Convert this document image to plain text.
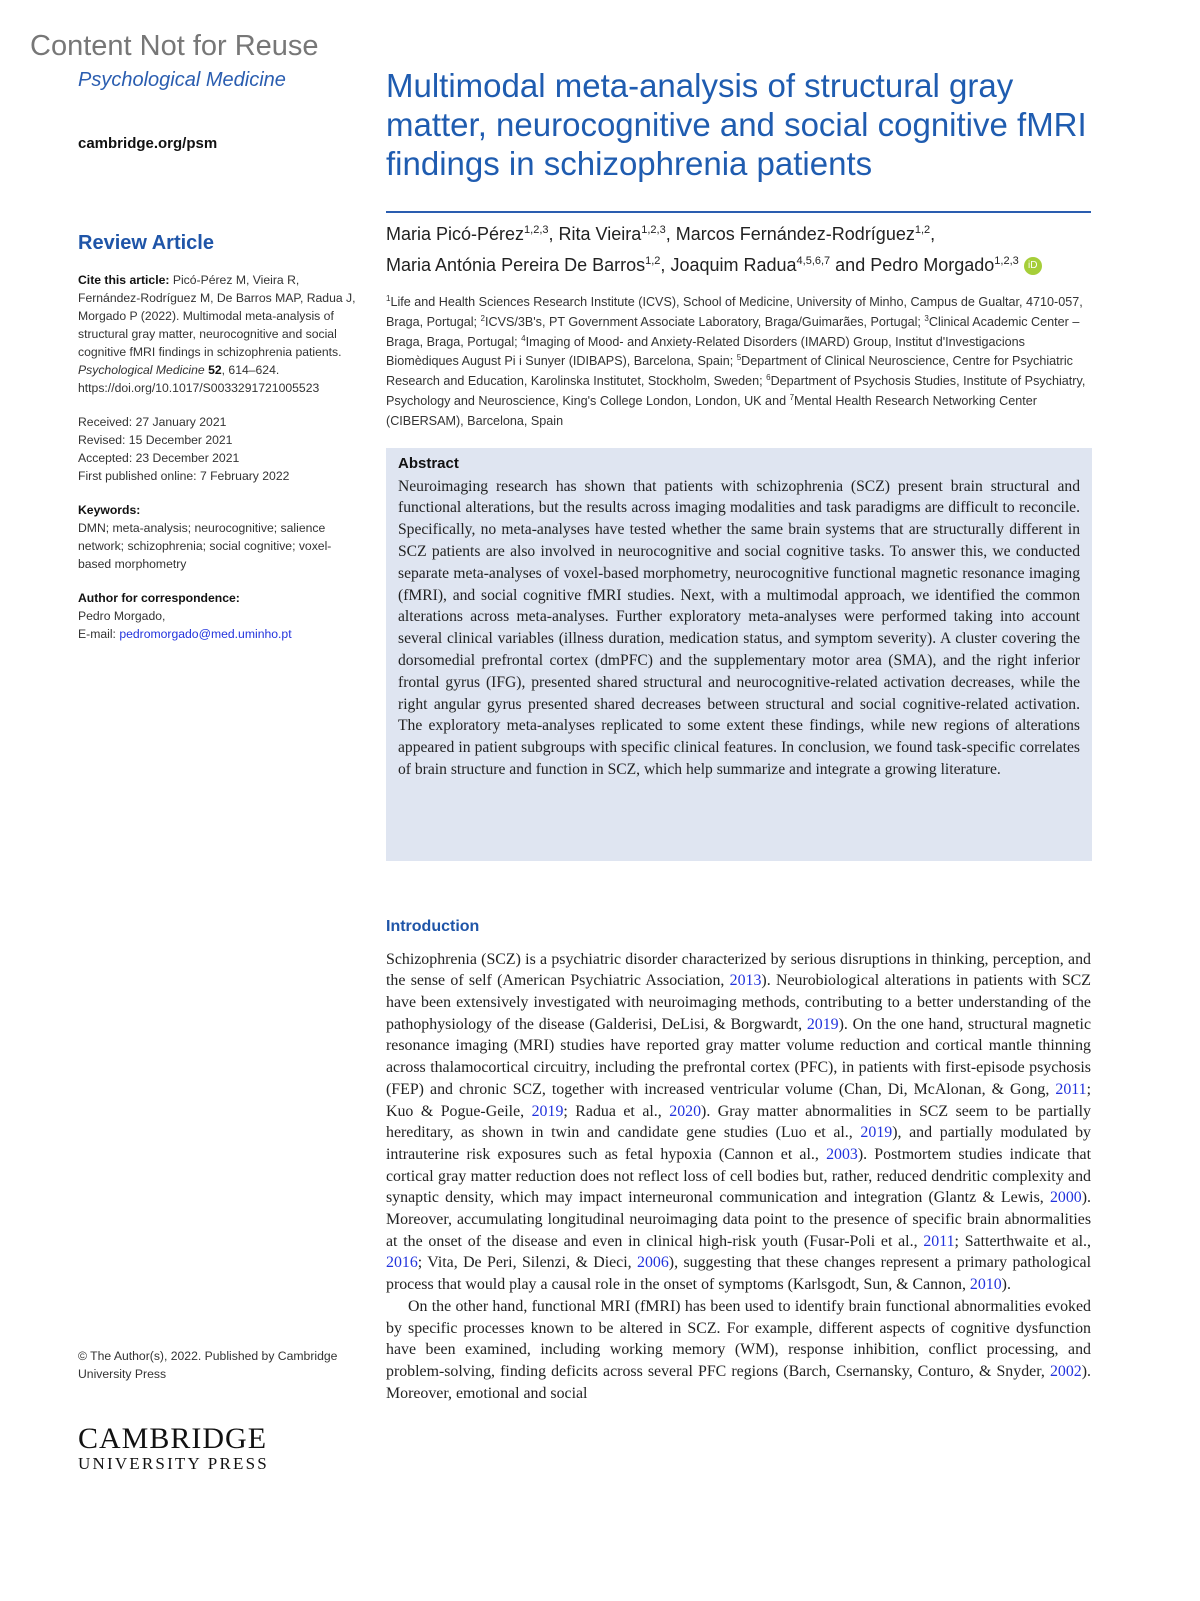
Content Not for Reuse
Psychological Medicine
cambridge.org/psm
Review Article
Cite this article: Picó-Pérez M, Vieira R, Fernández-Rodríguez M, De Barros MAP, Radua J, Morgado P (2022). Multimodal meta-analysis of structural gray matter, neurocognitive and social cognitive fMRI findings in schizophrenia patients. Psychological Medicine 52, 614–624. https://doi.org/10.1017/S0033291721005523
Received: 27 January 2021
Revised: 15 December 2021
Accepted: 23 December 2021
First published online: 7 February 2022
Keywords:
DMN; meta-analysis; neurocognitive; salience network; schizophrenia; social cognitive; voxel-based morphometry
Author for correspondence:
Pedro Morgado,
E-mail: pedromorgado@med.uminho.pt
Multimodal meta-analysis of structural gray matter, neurocognitive and social cognitive fMRI findings in schizophrenia patients
Maria Picó-Pérez$^{1,2,3}$, Rita Vieira$^{1,2,3}$, Marcos Fernández-Rodríguez$^{1,2}$,
Maria Antónia Pereira De Barros$^{1,2}$, Joaquim Radua$^{4,5,6,7}$ and Pedro Morgado$^{1,2,3}$ iD
$^1$Life and Health Sciences Research Institute (ICVS), School of Medicine, University of Minho, Campus de Gualtar, 4710-057, Braga, Portugal; $^2$ICVS/3B's, PT Government Associate Laboratory, Braga/Guimarães, Portugal; $^3$Clinical Academic Center – Braga, Braga, Portugal; $^4$Imaging of Mood- and Anxiety-Related Disorders (IMARD) Group, Institut d'Investigacions Biomèdiques August Pi i Sunyer (IDIBAPS), Barcelona, Spain; $^5$Department of Clinical Neuroscience, Centre for Psychiatric Research and Education, Karolinska Institutet, Stockholm, Sweden; $^6$Department of Psychosis Studies, Institute of Psychiatry, Psychology and Neuroscience, King's College London, London, UK and $^7$Mental Health Research Networking Center (CIBERSAM), Barcelona, Spain
Abstract
Neuroimaging research has shown that patients with schizophrenia (SCZ) present brain structural and functional alterations, but the results across imaging modalities and task paradigms are difficult to reconcile. Specifically, no meta-analyses have tested whether the same brain systems that are structurally different in SCZ patients are also involved in neurocognitive and social cognitive tasks. To answer this, we conducted separate meta-analyses of voxel-based morphometry, neurocognitive functional magnetic resonance imaging (fMRI), and social cognitive fMRI studies. Next, with a multimodal approach, we identified the common alterations across meta-analyses. Further exploratory meta-analyses were performed taking into account several clinical variables (illness duration, medication status, and symptom severity). A cluster covering the dorsomedial prefrontal cortex (dmPFC) and the supplementary motor area (SMA), and the right inferior frontal gyrus (IFG), presented shared structural and neurocognitive-related activation decreases, while the right angular gyrus presented shared decreases between structural and social cognitive-related activation. The exploratory meta-analyses replicated to some extent these findings, while new regions of alterations appeared in patient subgroups with specific clinical features. In conclusion, we found task-specific correlates of brain structure and function in SCZ, which help summarize and integrate a growing literature.
Introduction

Schizophrenia (SCZ) is a psychiatric disorder characterized by serious disruptions in thinking, perception, and the sense of self (American Psychiatric Association, 2013). Neurobiological alterations in patients with SCZ have been extensively investigated with neuroimaging methods, contributing to a better understanding of the pathophysiology of the disease (Galderisi, DeLisi, & Borgwardt, 2019). On the one hand, structural magnetic resonance imaging (MRI) studies have reported gray matter volume reduction and cortical mantle thinning across thalamocortical circuitry, including the prefrontal cortex (PFC), in patients with first-episode psychosis (FEP) and chronic SCZ, together with increased ventricular volume (Chan, Di, McAlonan, & Gong, 2011; Kuo & Pogue-Geile, 2019; Radua et al., 2020). Gray matter abnormalities in SCZ seem to be partially hereditary, as shown in twin and candidate gene studies (Luo et al., 2019), and partially modulated by intrauterine risk exposures such as fetal hypoxia (Cannon et al., 2003). Postmortem studies indicate that cortical gray matter reduction does not reflect loss of cell bodies but, rather, reduced dendritic complexity and synaptic density, which may impact interneuronal communication and integration (Glantz & Lewis, 2000). Moreover, accumulating longitudinal neuroimaging data point to the presence of specific brain abnormalities at the onset of the disease and even in clinical high-risk youth (Fusar-Poli et al., 2011; Satterthwaite et al., 2016; Vita, De Peri, Silenzi, & Dieci, 2006), suggesting that these changes represent a primary pathological process that would play a causal role in the onset of symptoms (Karlsgodt, Sun, & Cannon, 2010).

On the other hand, functional MRI (fMRI) has been used to identify brain functional abnormalities evoked by specific processes known to be altered in SCZ. For example, different aspects of cognitive dysfunction have been examined, including working memory (WM), response inhibition, conflict processing, and problem-solving, finding deficits across several PFC regions (Barch, Csernansky, Conturo, & Snyder, 2002). Moreover, emotional and social

© The Author(s), 2022. Published by Cambridge University Press
CAMBRIDGE
UNIVERSITY PRESS
